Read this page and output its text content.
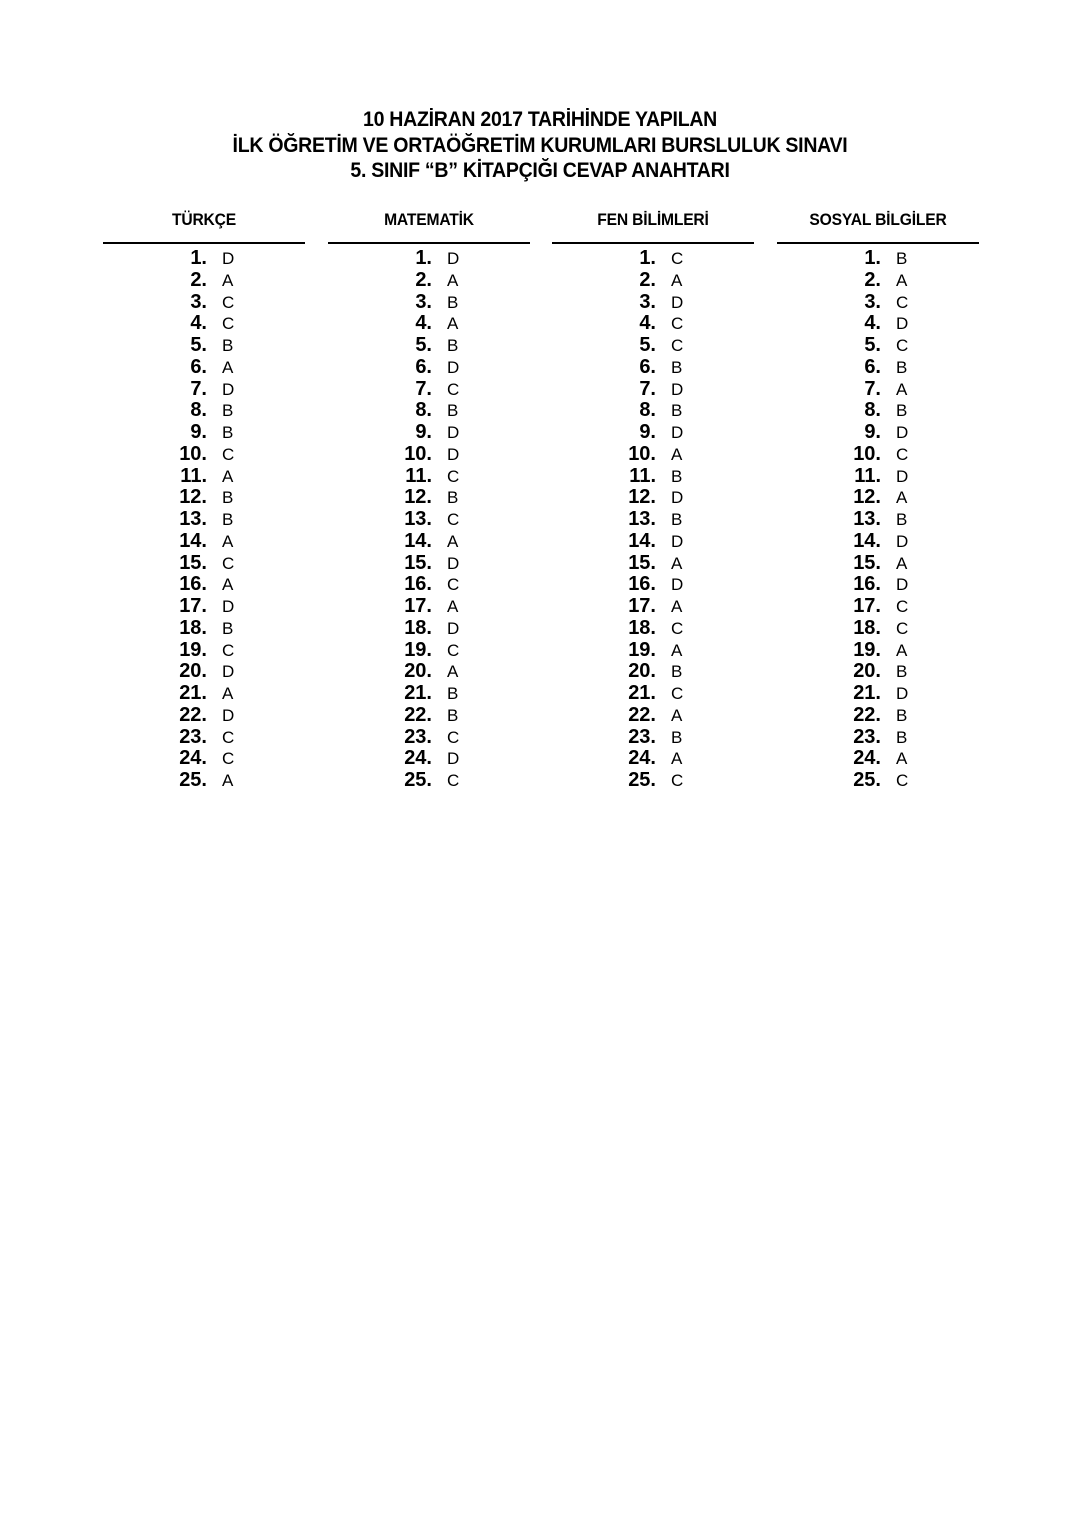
10 HAZİRAN 2017 TARİHİNDE YAPILAN
İLK ÖĞRETİM VE ORTAÖĞRETİM KURUMLARI BURSLULUK SINAVI
5. SINIF “B” KİTAPÇIĞI CEVAP ANAHTARI
TÜRKÇE
1. D
2. A
3. C
4. C
5. B
6. A
7. D
8. B
9. B
10. C
11. A
12. B
13. B
14. A
15. C
16. A
17. D
18. B
19. C
20. D
21. A
22. D
23. C
24. C
25. A
MATEMATİK
1. D
2. A
3. B
4. A
5. B
6. D
7. C
8. B
9. D
10. D
11. C
12. B
13. C
14. A
15. D
16. C
17. A
18. D
19. C
20. A
21. B
22. B
23. C
24. D
25. C
FEN BİLİMLERİ
1. C
2. A
3. D
4. C
5. C
6. B
7. D
8. B
9. D
10. A
11. B
12. D
13. B
14. D
15. A
16. D
17. A
18. C
19. A
20. B
21. C
22. A
23. B
24. A
25. C
SOSYAL BİLGİLER
1. B
2. A
3. C
4. D
5. C
6. B
7. A
8. B
9. D
10. C
11. D
12. A
13. B
14. D
15. A
16. D
17. C
18. C
19. A
20. B
21. D
22. B
23. B
24. A
25. C
